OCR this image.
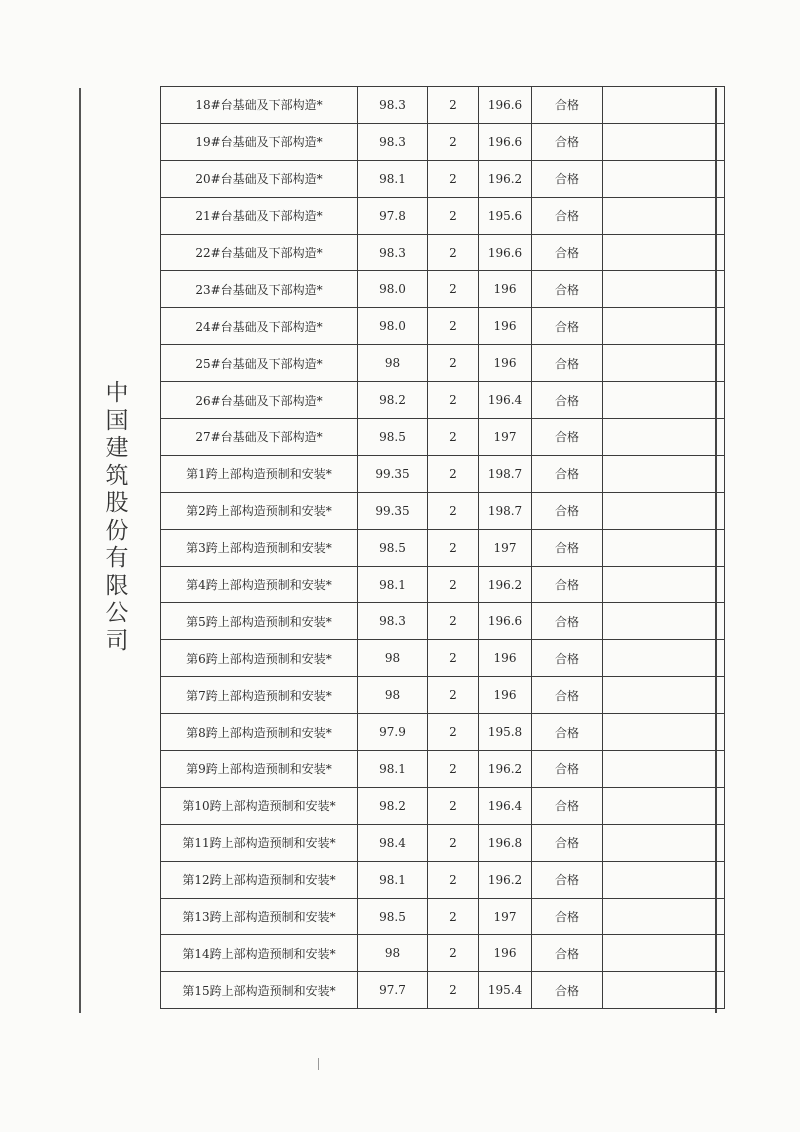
中国建筑股份有限公司
18#台基础及下部构造*	98.3	2	196.6	合格	
19#台基础及下部构造*	98.3	2	196.6	合格	
20#台基础及下部构造*	98.1	2	196.2	合格	
21#台基础及下部构造*	97.8	2	195.6	合格	
22#台基础及下部构造*	98.3	2	196.6	合格	
23#台基础及下部构造*	98.0	2	196	合格	
24#台基础及下部构造*	98.0	2	196	合格	
25#台基础及下部构造*	98	2	196	合格	
26#台基础及下部构造*	98.2	2	196.4	合格	
27#台基础及下部构造*	98.5	2	197	合格	
第1跨上部构造预制和安装*	99.35	2	198.7	合格	
第2跨上部构造预制和安装*	99.35	2	198.7	合格	
第3跨上部构造预制和安装*	98.5	2	197	合格	
第4跨上部构造预制和安装*	98.1	2	196.2	合格	
第5跨上部构造预制和安装*	98.3	2	196.6	合格	
第6跨上部构造预制和安装*	98	2	196	合格	
第7跨上部构造预制和安装*	98	2	196	合格	
第8跨上部构造预制和安装*	97.9	2	195.8	合格	
第9跨上部构造预制和安装*	98.1	2	196.2	合格	
第10跨上部构造预制和安装*	98.2	2	196.4	合格	
第11跨上部构造预制和安装*	98.4	2	196.8	合格	
第12跨上部构造预制和安装*	98.1	2	196.2	合格	
第13跨上部构造预制和安装*	98.5	2	197	合格	
第14跨上部构造预制和安装*	98	2	196	合格	
第15跨上部构造预制和安装*	97.7	2	195.4	合格	
